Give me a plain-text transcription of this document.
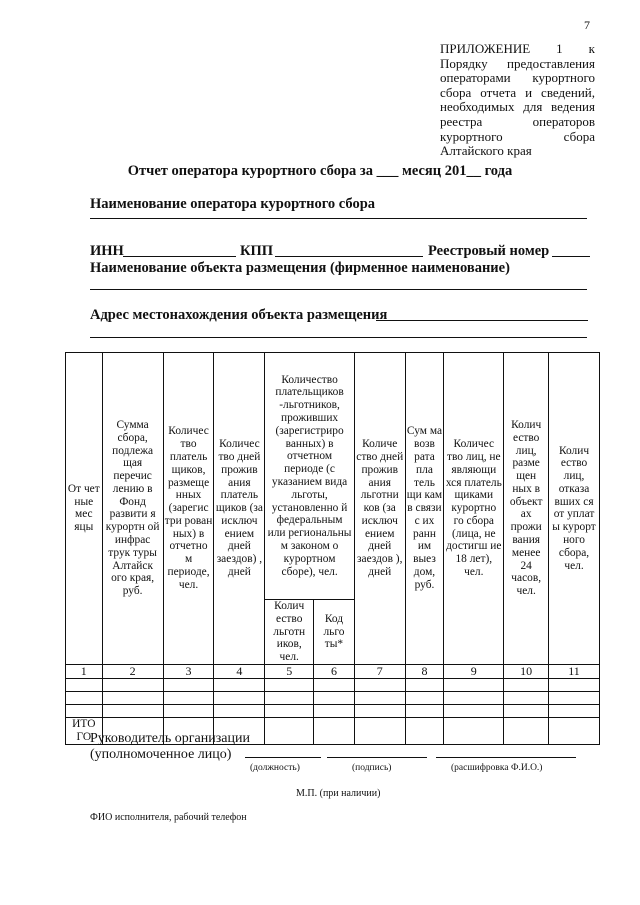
7
ПРИЛОЖЕНИЕ 1 к
Порядку предоставления
операторами курортного
сбора отчета и сведений,
необходимых для ведения
реестра операторов
курортного сбора
Алтайского края
Отчет оператора курортного сбора за ___ месяц 201__ года
Наименование оператора курортного сбора
ИНН	КПП	Реестровый номер
Наименование объекта размещения (фирменное наименование)
Адрес местонахождения объекта размещения
От чет ные мес яцы	Сумма сбора, подлежа щая перечис лению в Фонд развити я курортн ой инфрас трук туры Алтайск ого края, руб.	Количес тво платель щиков, размеще нных (зарегис три рован ных) в отчетно м периоде, чел.	Количес тво дней прожив ания платель щиков (за исключ ением дней заездов) , дней	Количество плательщиков -льготников, проживших (зарегистриро ванных) в отчетном периоде (с указанием вида льготы, установленно й федеральным или региональны м законом о курортном сборе), чел.		Количе ство дней прожив ания льготни ков (за исключ ением дней заездов ), дней	Сум ма возв рата пла тель щи кам в связи с их ранн им выез дом, руб.	Количес тво лиц, не являющи хся платель щиками курортно го сбора (лица, не достигш ие 18 лет), чел.	Колич ество лиц, разме щен ных в объект ах прожи вания менее 24 часов, чел.	Колич ество лиц, отказа вших ся от уплат ы курорт ного сбора, чел.
				Колич ество льготн иков, чел.	Код льго ты*					
1	2	3	4	5	6	7	8	9	10	11

ИТО ГО										
Руководитель организации
(уполномоченное лицо)
(должность)	(подпись)	(расшифровка Ф.И.О.)
М.П. (при наличии)
ФИО исполнителя, рабочий телефон
